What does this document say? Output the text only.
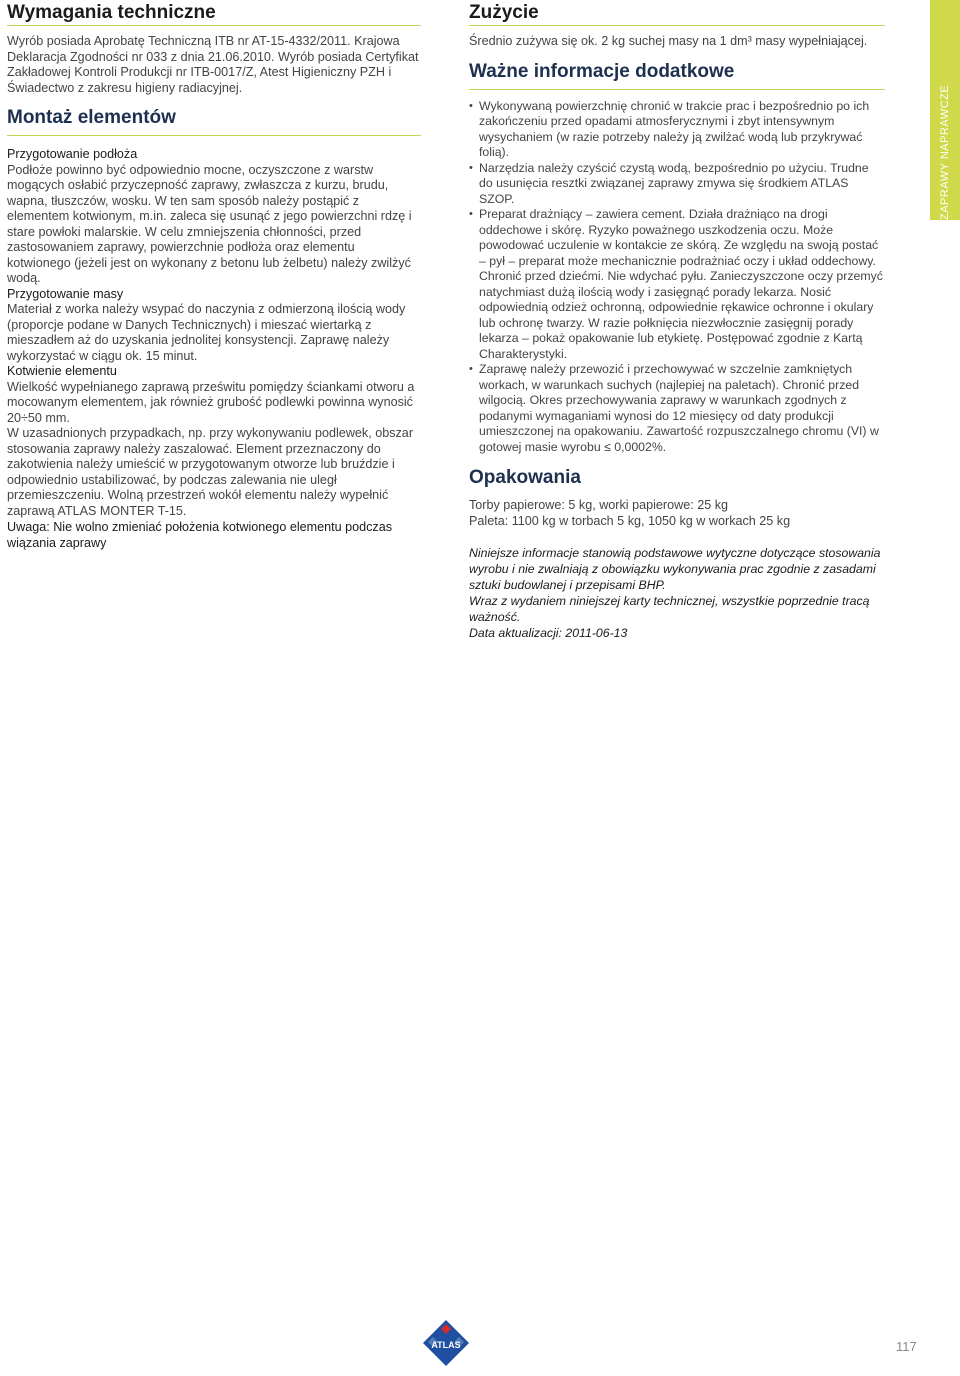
ZAPRAWY NAPRAWCZE
Wymagania techniczne

Wyrób posiada Aprobatę Techniczną ITB nr AT-15-4332/2011. Krajowa Deklaracja Zgodności nr 033 z dnia 21.06.2010. Wyrób posiada Certyfikat Zakładowej Kontroli Produkcji nr ITB-0017/Z, Atest Higieniczny PZH i Świadectwo z zakresu higieny radiacyjnej.

Montaż elementów

Przygotowanie podłoża

Podłoże powinno być odpowiednio mocne, oczyszczone z warstw mogących osłabić przyczepność zaprawy, zwłaszcza z kurzu, brudu, wapna, tłuszczów, wosku. W ten sam sposób należy postąpić z elementem kotwionym, m.in. zaleca się usunąć z jego powierzchni rdzę i stare powłoki malarskie. W celu zmniejszenia chłonności, przed zastosowaniem zaprawy, powierzchnie podłoża oraz elementu kotwionego (jeżeli jest on wykonany z betonu lub żelbetu) należy zwilżyć wodą.

Przygotowanie masy

Materiał z worka należy wsypać do naczynia z odmierzoną ilością wody (proporcje podane w Danych Technicznych) i mieszać wiertarką z mieszadłem aż do uzyskania jednolitej konsystencji. Zaprawę należy wykorzystać w ciągu ok. 15 minut.

Kotwienie elementu

Wielkość wypełnianego zaprawą prześwitu pomiędzy ściankami otworu a mocowanym elementem, jak również grubość podlewki powinna wynosić 20÷50 mm.

W uzasadnionych przypadkach, np. przy wykonywaniu podlewek, obszar stosowania zaprawy należy zaszalować. Element przeznaczony do zakotwienia należy umieścić w przygotowanym otworze lub bruździe i odpowiednio ustabilizować, by podczas zalewania nie uległ przemieszczeniu. Wolną przestrzeń wokół elementu należy wypełnić zaprawą ATLAS MONTER T-15.

Uwaga: Nie wolno zmieniać położenia kotwionego elementu podczas wiązania zaprawy

Zużycie

Średnio zużywa się ok. 2 kg suchej masy na 1 dm³ masy wypełniającej.

Ważne informacje dodatkowe
• Wykonywaną powierzchnię chronić w trakcie prac i bezpośrednio po ich zakończeniu przed opadami atmosferycznymi i zbyt intensywnym wysychaniem (w razie potrzeby należy ją zwilżać wodą lub przykrywać folią).
• Narzędzia należy czyścić czystą wodą, bezpośrednio po użyciu. Trudne do usunięcia resztki związanej zaprawy zmywa się środkiem ATLAS SZOP.
• Preparat drażniący – zawiera cement. Działa drażniąco na drogi oddechowe i skórę. Ryzyko poważnego uszkodzenia oczu. Może powodować uczulenie w kontakcie ze skórą. Ze względu na swoją postać – pył – preparat może mechanicznie podrażniać oczy i układ oddechowy. Chronić przed dziećmi. Nie wdychać pyłu. Zanieczyszczone oczy przemyć natychmiast dużą ilością wody i zasięgnąć porady lekarza. Nosić odpowiednią odzież ochronną, odpowiednie rękawice ochronne i okulary lub ochronę twarzy. W razie połknięcia niezwłocznie zasięgnij porady lekarza – pokaż opakowanie lub etykietę. Postępować zgodnie z Kartą Charakterystyki.
• Zaprawę należy przewozić i przechowywać w szczelnie zamkniętych workach, w warunkach suchych (najlepiej na paletach). Chronić przed wilgocią. Okres przechowywania zaprawy w warunkach zgodnych z podanymi wymaganiami wynosi do 12 miesięcy od daty produkcji umieszczonej na opakowaniu. Zawartość rozpuszczalnego chromu (VI) w gotowej masie wyrobu ≤ 0,0002%.
Opakowania

Torby papierowe: 5 kg, worki papierowe: 25 kg

Paleta: 1100 kg w torbach 5 kg, 1050 kg w workach 25 kg

Niniejsze informacje stanowią podstawowe wytyczne dotyczące stosowania wyrobu i nie zwalniają z obowiązku wykonywania prac zgodnie z zasadami sztuki budowlanej i przepisami BHP.

Wraz z wydaniem niniejszej karty technicznej, wszystkie poprzednie tracą ważność.

Data aktualizacji: 2011-06-13

ATLAS	117
